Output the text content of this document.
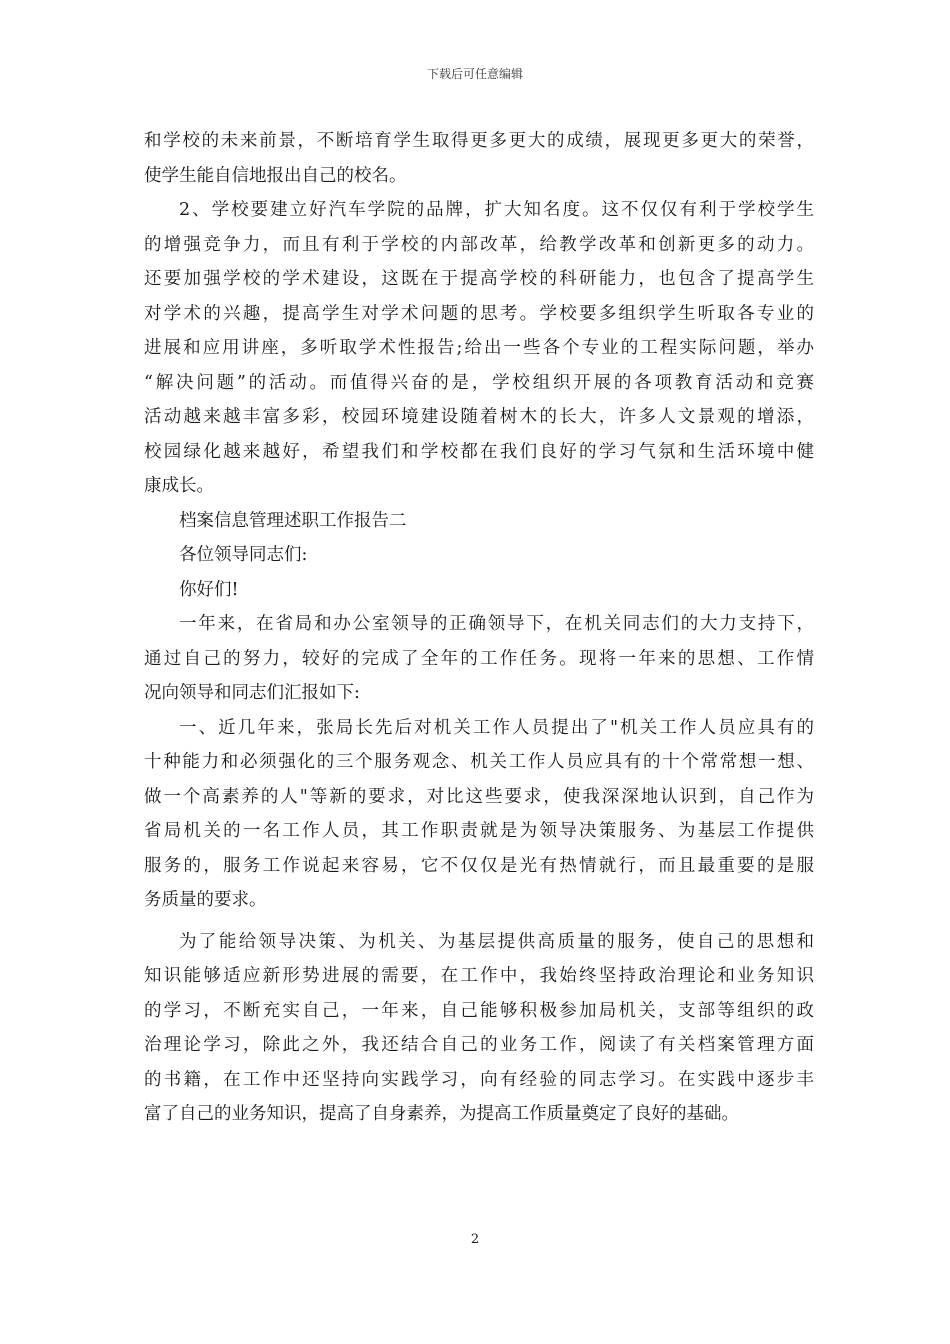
下载后可任意编辑
和学校的未来前景，不断培育学生取得更多更大的成绩，展现更多更大的荣誉，
使学生能自信地报出自己的校名。
2、学校要建立好汽车学院的品牌，扩大知名度。这不仅仅有利于学校学生
的增强竞争力，而且有利于学校的内部改革，给教学改革和创新更多的动力。
还要加强学校的学术建设，这既在于提高学校的科研能力，也包含了提高学生
对学术的兴趣，提高学生对学术问题的思考。学校要多组织学生听取各专业的
进展和应用讲座，多听取学术性报告;给出一些各个专业的工程实际问题，举办
“解决问题”的活动。而值得兴奋的是，学校组织开展的各项教育活动和竞赛
活动越来越丰富多彩，校园环境建设随着树木的长大，许多人文景观的增添，
校园绿化越来越好，希望我们和学校都在我们良好的学习气氛和生活环境中健
康成长。
档案信息管理述职工作报告二
各位领导同志们:
你好们!
一年来，在省局和办公室领导的正确领导下，在机关同志们的大力支持下，
通过自己的努力，较好的完成了全年的工作任务。现将一年来的思想、工作情
况向领导和同志们汇报如下:
一、近几年来，张局长先后对机关工作人员提出了"机关工作人员应具有的
十种能力和必须强化的三个服务观念、机关工作人员应具有的十个常常想一想、
做一个高素养的人"等新的要求，对比这些要求，使我深深地认识到，自己作为
省局机关的一名工作人员，其工作职责就是为领导决策服务、为基层工作提供
服务的，服务工作说起来容易，它不仅仅是光有热情就行，而且最重要的是服
务质量的要求。
为了能给领导决策、为机关、为基层提供高质量的服务，使自己的思想和
知识能够适应新形势进展的需要，在工作中，我始终坚持政治理论和业务知识
的学习，不断充实自己，一年来，自己能够积极参加局机关，支部等组织的政
治理论学习，除此之外，我还结合自己的业务工作，阅读了有关档案管理方面
的书籍，在工作中还坚持向实践学习，向有经验的同志学习。在实践中逐步丰
富了自己的业务知识，提高了自身素养，为提高工作质量奠定了良好的基础。
2
